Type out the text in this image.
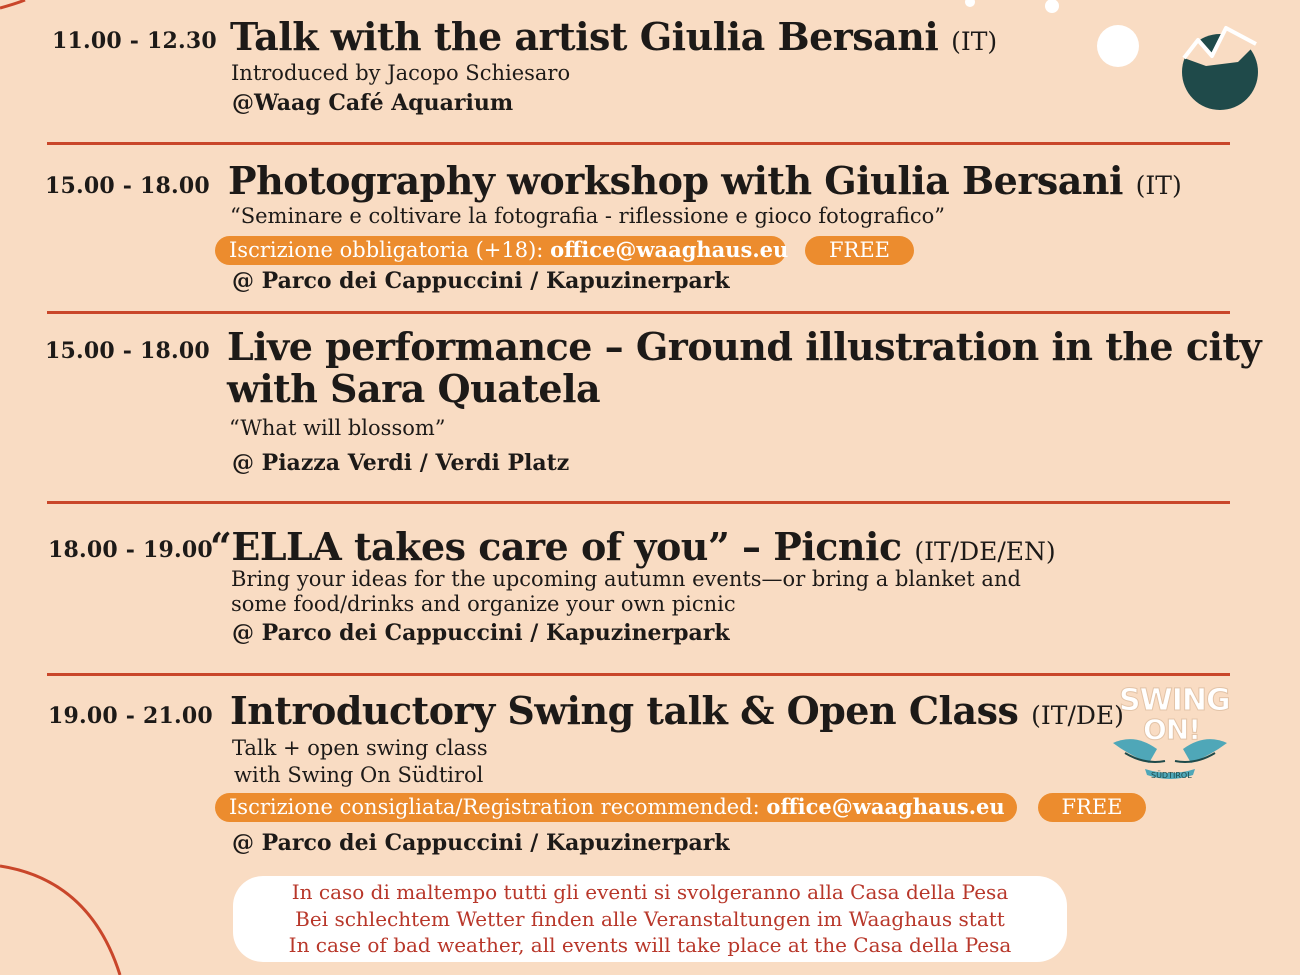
11.00 - 12.30 Talk with the artist Giulia Bersani (IT)
Introduced by Jacopo Schiesaro
@Waag Café Aquarium
15.00 - 18.00 Photography workshop with Giulia Bersani (IT)
“Seminare e coltivare la fotografia - riflessione e gioco fotografico”
Iscrizione obbligatoria (+18): office@waaghaus.eu	FREE
@ Parco dei Cappuccini / Kapuzinerpark
15.00 - 18.00 Live performance – Ground illustration in the city
with Sara Quatela
“What will blossom”
@ Piazza Verdi / Verdi Platz
18.00 - 19.00
“ELLA takes care of you” – Picnic (IT/DE/EN)
Bring your ideas for the upcoming autumn events—or bring a blanket and
some food/drinks and organize your own picnic
@ Parco dei Cappuccini / Kapuzinerpark
19.00 - 21.00 Introductory Swing talk & Open Class (IT/DE)
Talk + open swing class
with Swing On Südtirol
Iscrizione consigliata/Registration recommended: office@waaghaus.eu	FREE
@ Parco dei Cappuccini / Kapuzinerpark
SWING
ON!
SÜDTIROL
In caso di maltempo tutti gli eventi si svolgeranno alla Casa della Pesa
Bei schlechtem Wetter finden alle Veranstaltungen im Waaghaus statt
In case of bad weather, all events will take place at the Casa della Pesa
